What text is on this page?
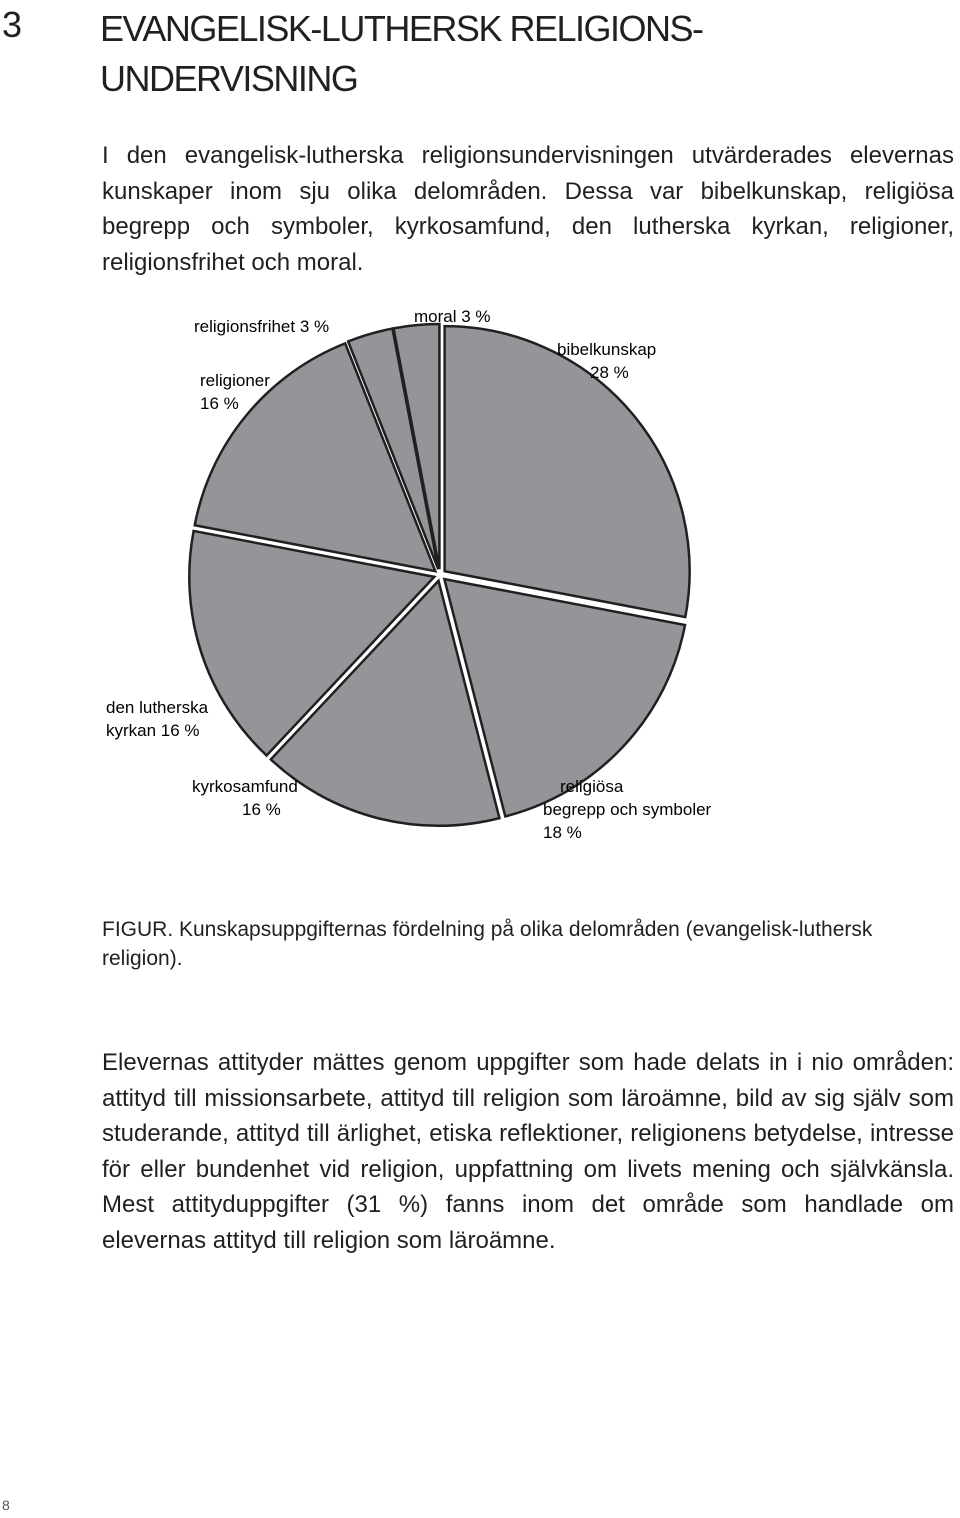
3 EVANGELISK-LUTHERSK RELIGIONS-
UNDERVISNING
I den evangelisk-lutherska religionsundervisningen utvärderades elevernas kunskaper inom sju olika delområden. Dessa var bibelkunskap, religiösa begrepp och symboler, kyrkosamfund, den lutherska kyrkan, religioner, religionsfrihet och moral.
bibelkunskap
28 %
religiösa
begrepp och symboler
18 %
kyrkosamfund
16 %
den lutherska
kyrkan 16 %
religioner
16 %
religionsfrihet 3 %
moral 3 %
FIGUR. Kunskapsuppgifternas fördelning på olika delområden (evangelisk-luthersk religion).
Elevernas attityder mättes genom uppgifter som hade delats in i nio områden: attityd till missionsarbete, attityd till religion som läroämne, bild av sig själv som studerande, attityd till ärlighet, etiska reflektioner, religionens betydelse, intresse för eller bundenhet vid religion, uppfattning om livets mening och självkänsla. Mest attityduppgifter (31 %) fanns inom det område som handlade om elevernas attityd till religion som läroämne.
8
